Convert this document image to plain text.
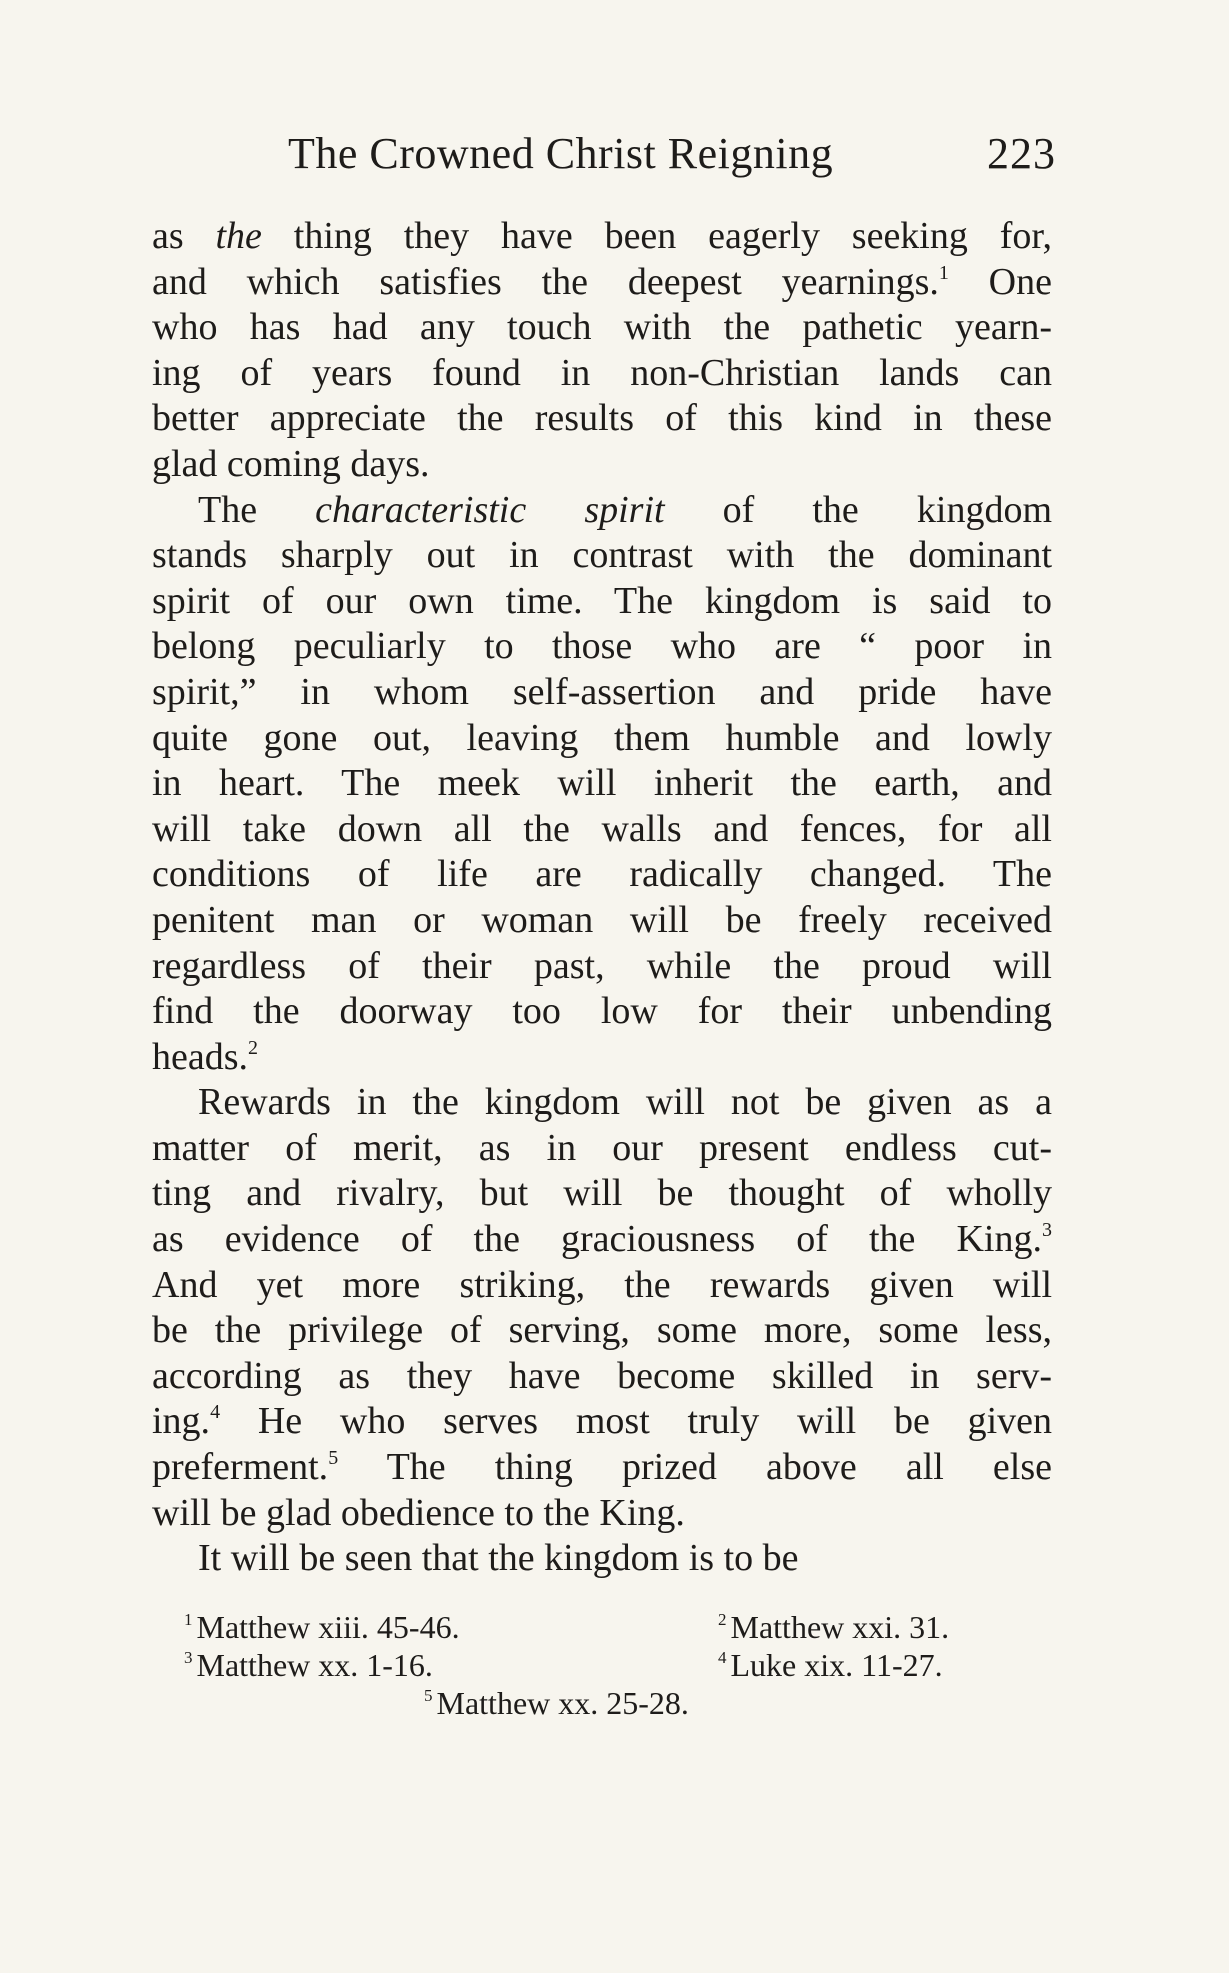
The Crowned Christ Reigning	223
as the thing they have been eagerly seeking for,
and which satisfies the deepest yearnings.$^1$ One
who has had any touch with the pathetic yearn-
ing of years found in non-Christian lands can
better appreciate the results of this kind in these
glad coming days.
The characteristic spirit of the kingdom
stands sharply out in contrast with the dominant
spirit of our own time. The kingdom is said to
belong peculiarly to those who are “ poor in
spirit,” in whom self-assertion and pride have
quite gone out, leaving them humble and lowly
in heart. The meek will inherit the earth, and
will take down all the walls and fences, for all
conditions of life are radically changed. The
penitent man or woman will be freely received
regardless of their past, while the proud will
find the doorway too low for their unbending
heads.$^2$
Rewards in the kingdom will not be given as a
matter of merit, as in our present endless cut-
ting and rivalry, but will be thought of wholly
as evidence of the graciousness of the King.$^3$
And yet more striking, the rewards given will
be the privilege of serving, some more, some less,
according as they have become skilled in serv-
ing.$^4$ He who serves most truly will be given
preferment.$^5$ The thing prized above all else
will be glad obedience to the King.
It will be seen that the kingdom is to be
$^1$ Matthew xiii. 45-46.	$^2$ Matthew xxi. 31.
$^3$ Matthew xx. 1-16.	$^4$ Luke xix. 11-27.
$^5$ Matthew xx. 25-28.
